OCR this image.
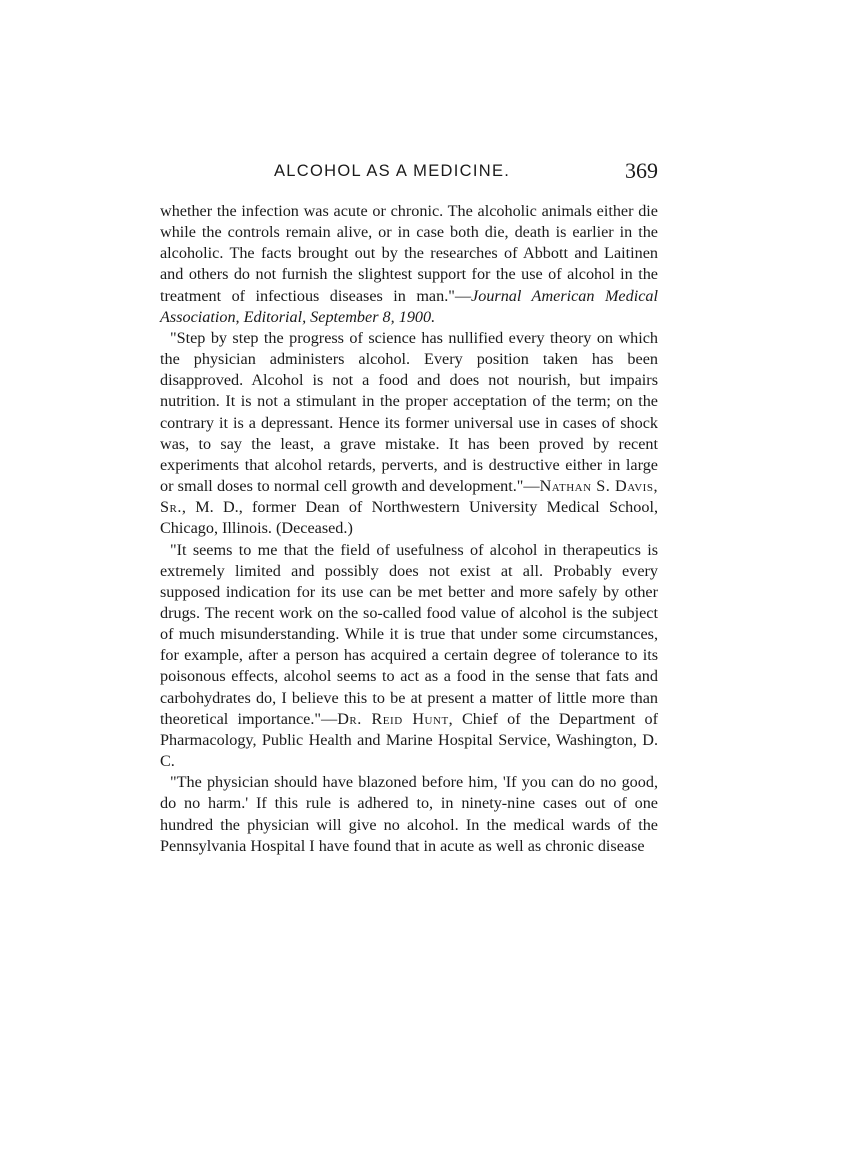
ALCOHOL AS A MEDICINE.	369

whether the infection was acute or chronic. The alcoholic animals either die while the controls remain alive, or in case both die, death is earlier in the alcoholic. The facts brought out by the researches of Abbott and Laitinen and others do not furnish the slightest support for the use of alcohol in the treatment of infectious diseases in man."—Journal American Medical Association, Editorial, September 8, 1900.

"Step by step the progress of science has nullified every theory on which the physician administers alcohol. Every position taken has been disapproved. Alcohol is not a food and does not nourish, but impairs nutrition. It is not a stimulant in the proper acceptation of the term; on the contrary it is a depressant. Hence its former universal use in cases of shock was, to say the least, a grave mistake. It has been proved by recent experiments that alcohol retards, perverts, and is destructive either in large or small doses to normal cell growth and development."—Nathan S. Davis, Sr., M. D., former Dean of Northwestern University Medical School, Chicago, Illinois. (Deceased.)

"It seems to me that the field of usefulness of alcohol in therapeutics is extremely limited and possibly does not exist at all. Probably every supposed indication for its use can be met better and more safely by other drugs. The recent work on the so-called food value of alcohol is the subject of much misunderstanding. While it is true that under some circumstances, for example, after a person has acquired a certain degree of tolerance to its poisonous effects, alcohol seems to act as a food in the sense that fats and carbohydrates do, I believe this to be at present a matter of little more than theoretical importance."—Dr. Reid Hunt, Chief of the Department of Pharmacology, Public Health and Marine Hospital Service, Washington, D. C.

"The physician should have blazoned before him, 'If you can do no good, do no harm.' If this rule is adhered to, in ninety-nine cases out of one hundred the physician will give no alcohol. In the medical wards of the Pennsylvania Hospital I have found that in acute as well as chronic disease
